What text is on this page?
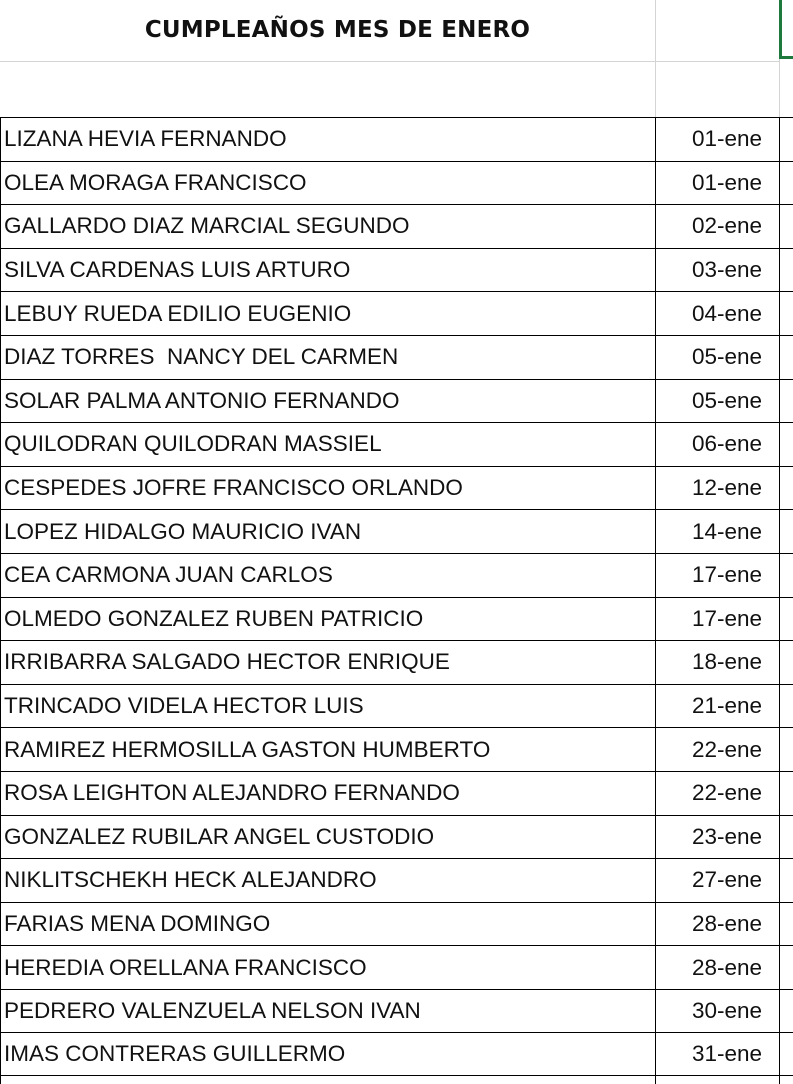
CUMPLEAÑOS MES DE ENERO
LIZANA HEVIA FERNANDO	01-ene
OLEA MORAGA FRANCISCO	01-ene
GALLARDO DIAZ MARCIAL SEGUNDO	02-ene
SILVA CARDENAS LUIS ARTURO	03-ene
LEBUY RUEDA EDILIO EUGENIO	04-ene
DIAZ TORRES  NANCY DEL CARMEN	05-ene
SOLAR PALMA ANTONIO FERNANDO	05-ene
QUILODRAN QUILODRAN MASSIEL	06-ene
CESPEDES JOFRE FRANCISCO ORLANDO	12-ene
LOPEZ HIDALGO MAURICIO IVAN	14-ene
CEA CARMONA JUAN CARLOS	17-ene
OLMEDO GONZALEZ RUBEN PATRICIO	17-ene
IRRIBARRA SALGADO HECTOR ENRIQUE	18-ene
TRINCADO VIDELA HECTOR LUIS	21-ene
RAMIREZ HERMOSILLA GASTON HUMBERTO	22-ene
ROSA LEIGHTON ALEJANDRO FERNANDO	22-ene
GONZALEZ RUBILAR ANGEL CUSTODIO	23-ene
NIKLITSCHEKH HECK ALEJANDRO	27-ene
FARIAS MENA DOMINGO	28-ene
HEREDIA ORELLANA FRANCISCO	28-ene
PEDRERO VALENZUELA NELSON IVAN	30-ene
IMAS CONTRERAS GUILLERMO	31-ene
